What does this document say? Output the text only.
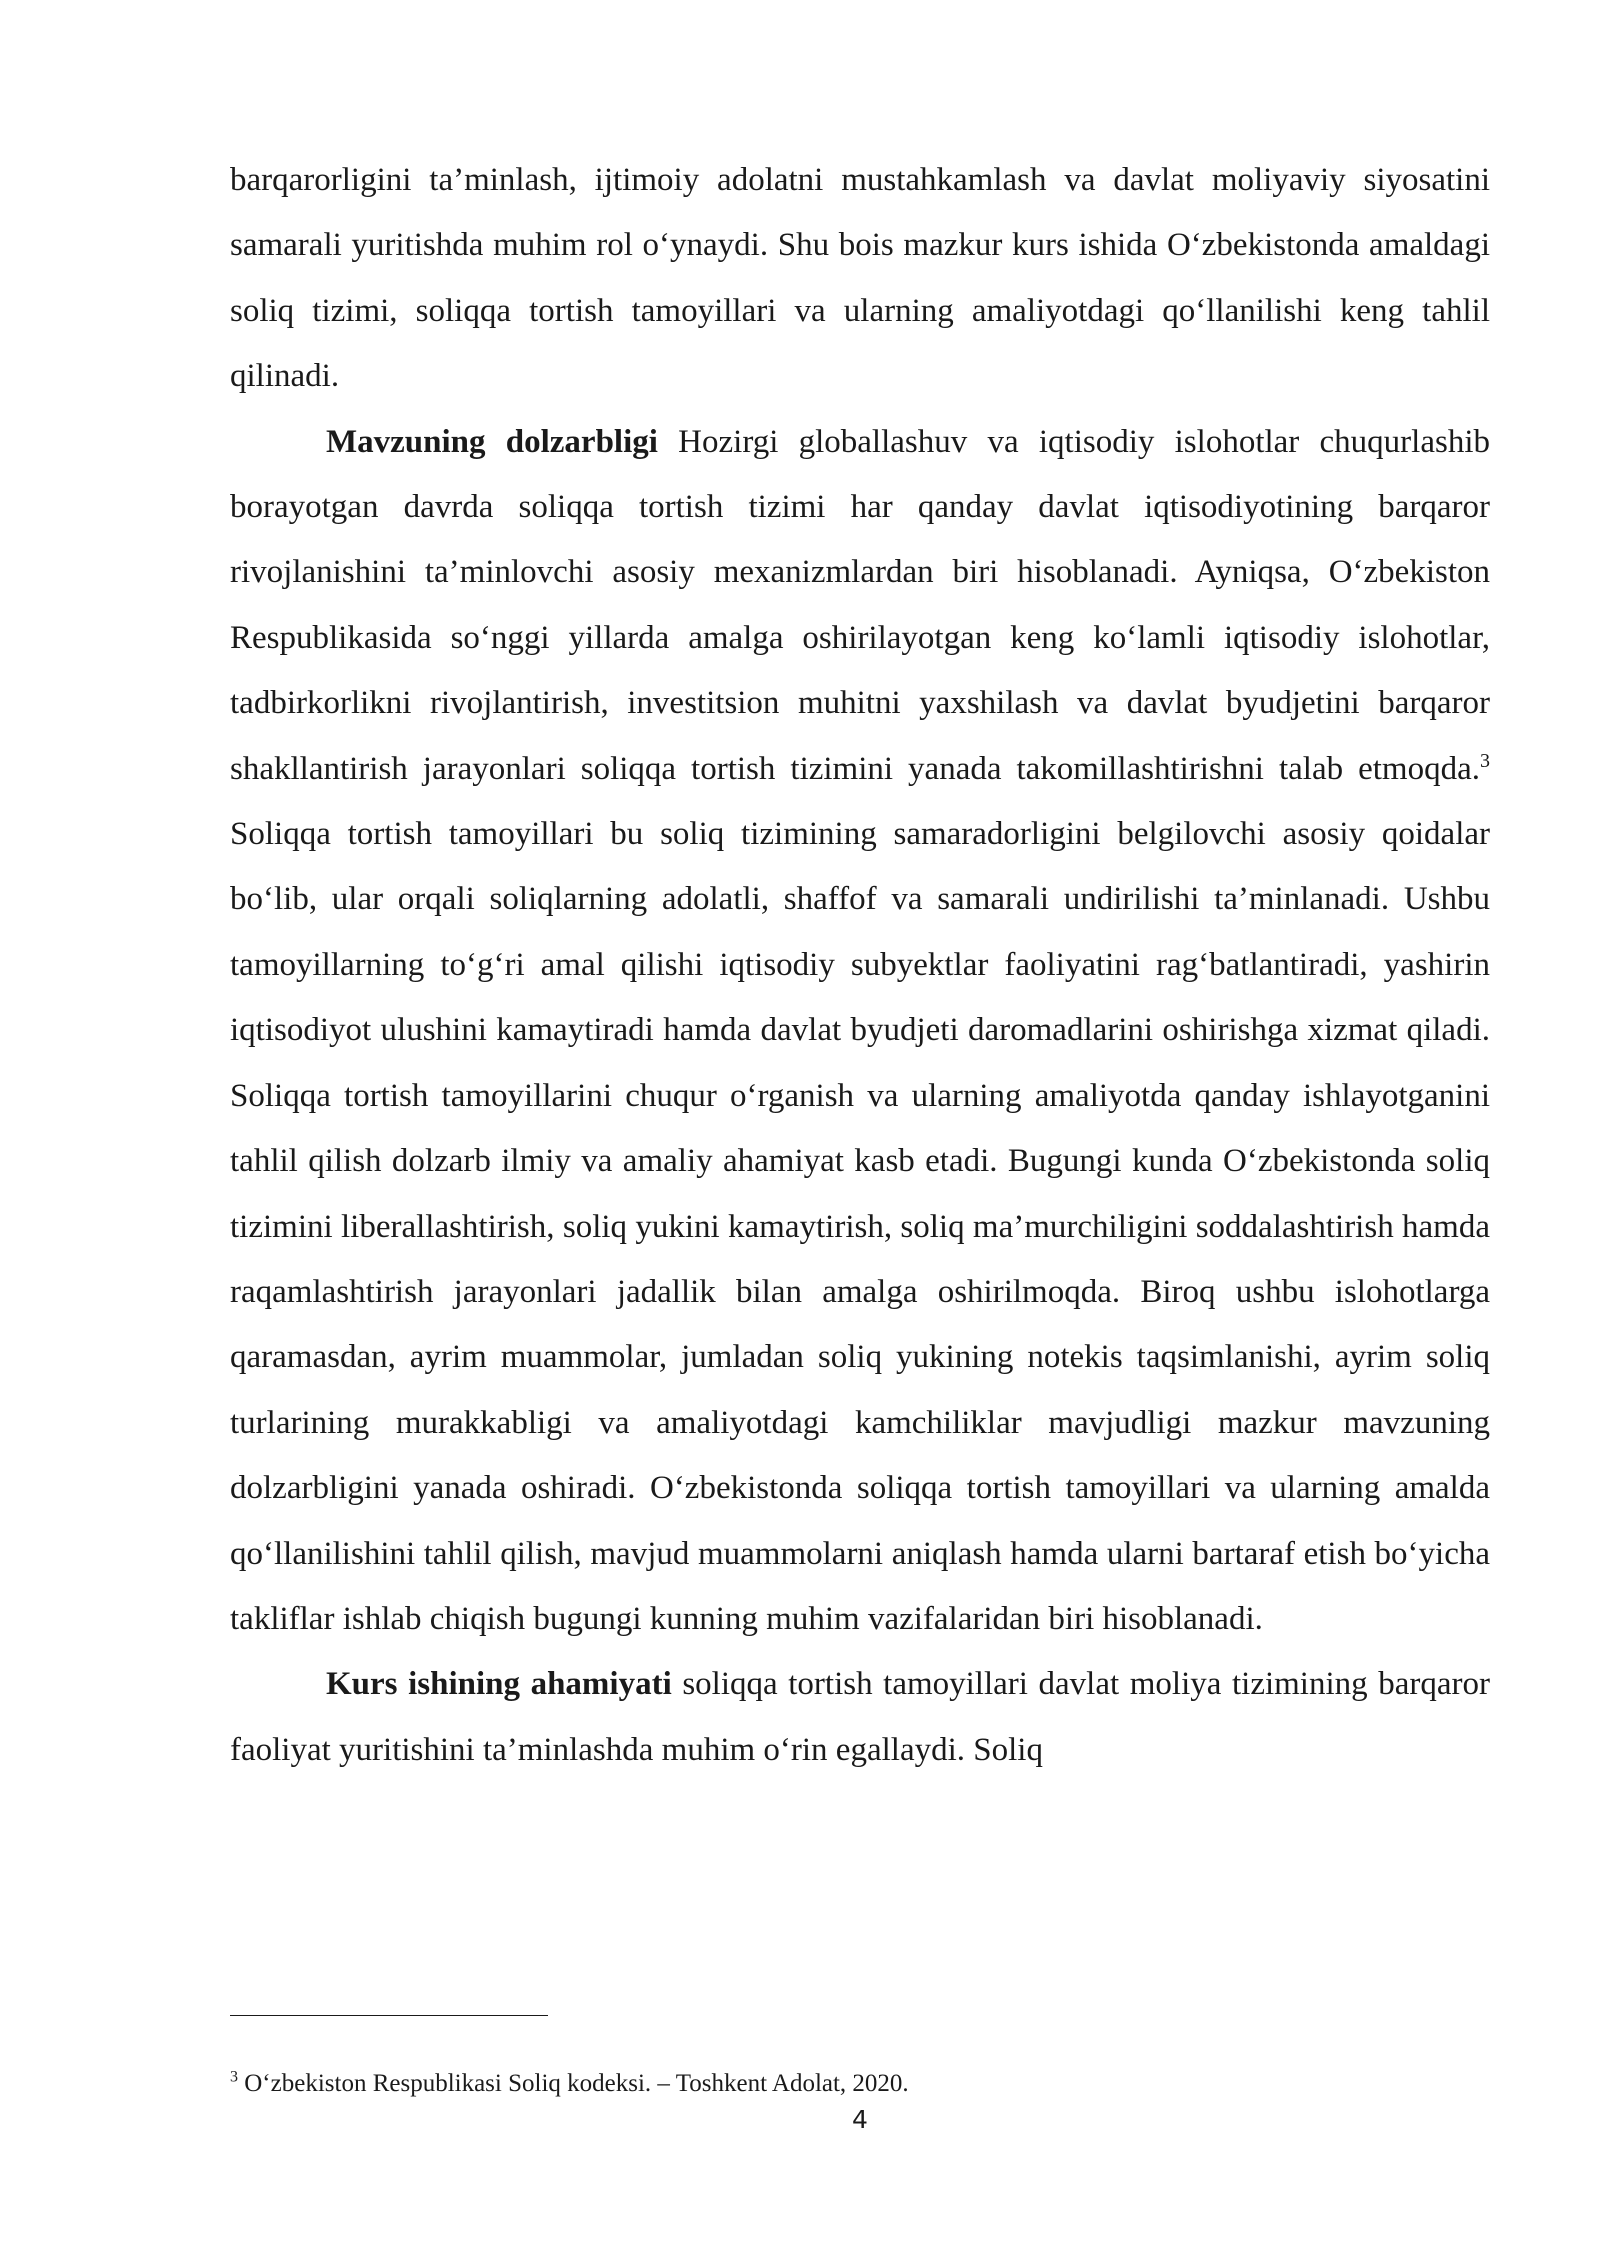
barqarorligini ta’minlash, ijtimoiy adolatni mustahkamlash va davlat moliyaviy siyosatini samarali yuritishda muhim rol o‘ynaydi. Shu bois mazkur kurs ishida O‘zbekistonda amaldagi soliq tizimi, soliqqa tortish tamoyillari va ularning amaliyotdagi qo‘llanilishi keng tahlil qilinadi.

Mavzuning dolzarbligi Hozirgi globallashuv va iqtisodiy islohotlar chuqurlashib borayotgan davrda soliqqa tortish tizimi har qanday davlat iqtisodiyotining barqaror rivojlanishini ta’minlovchi asosiy mexanizmlardan biri hisoblanadi. Ayniqsa, O‘zbekiston Respublikasida so‘nggi yillarda amalga oshirilayotgan keng ko‘lamli iqtisodiy islohotlar, tadbirkorlikni rivojlantirish, investitsion muhitni yaxshilash va davlat byudjetini barqaror shakllantirish jarayonlari soliqqa tortish tizimini yanada takomillashtirishni talab etmoqda.$^3$ Soliqqa tortish tamoyillari bu soliq tizimining samaradorligini belgilovchi asosiy qoidalar bo‘lib, ular orqali soliqlarning adolatli, shaffof va samarali undirilishi ta’minlanadi. Ushbu tamoyillarning to‘g‘ri amal qilishi iqtisodiy subyektlar faoliyatini rag‘batlantiradi, yashirin iqtisodiyot ulushini kamaytiradi hamda davlat byudjeti daromadlarini oshirishga xizmat qiladi. Soliqqa tortish tamoyillarini chuqur o‘rganish va ularning amaliyotda qanday ishlayotganini tahlil qilish dolzarb ilmiy va amaliy ahamiyat kasb etadi. Bugungi kunda O‘zbekistonda soliq tizimini liberallashtirish, soliq yukini kamaytirish, soliq ma’murchiligini soddalashtirish hamda raqamlashtirish jarayonlari jadallik bilan amalga oshirilmoqda. Biroq ushbu islohotlarga qaramasdan, ayrim muammolar, jumladan soliq yukining notekis taqsimlanishi, ayrim soliq turlarining murakkabligi va amaliyotdagi kamchiliklar mavjudligi mazkur mavzuning dolzarbligini yanada oshiradi. O‘zbekistonda soliqqa tortish tamoyillari va ularning amalda qo‘llanilishini tahlil qilish, mavjud muammolarni aniqlash hamda ularni bartaraf etish bo‘yicha takliflar ishlab chiqish bugungi kunning muhim vazifalaridan biri hisoblanadi.

Kurs ishining ahamiyati soliqqa tortish tamoyillari davlat moliya tizimining barqaror faoliyat yuritishini ta’minlashda muhim o‘rin egallaydi. Soliq

$^3$ O‘zbekiston Respublikasi Soliq kodeksi. – Toshkent Adolat, 2020.
4
